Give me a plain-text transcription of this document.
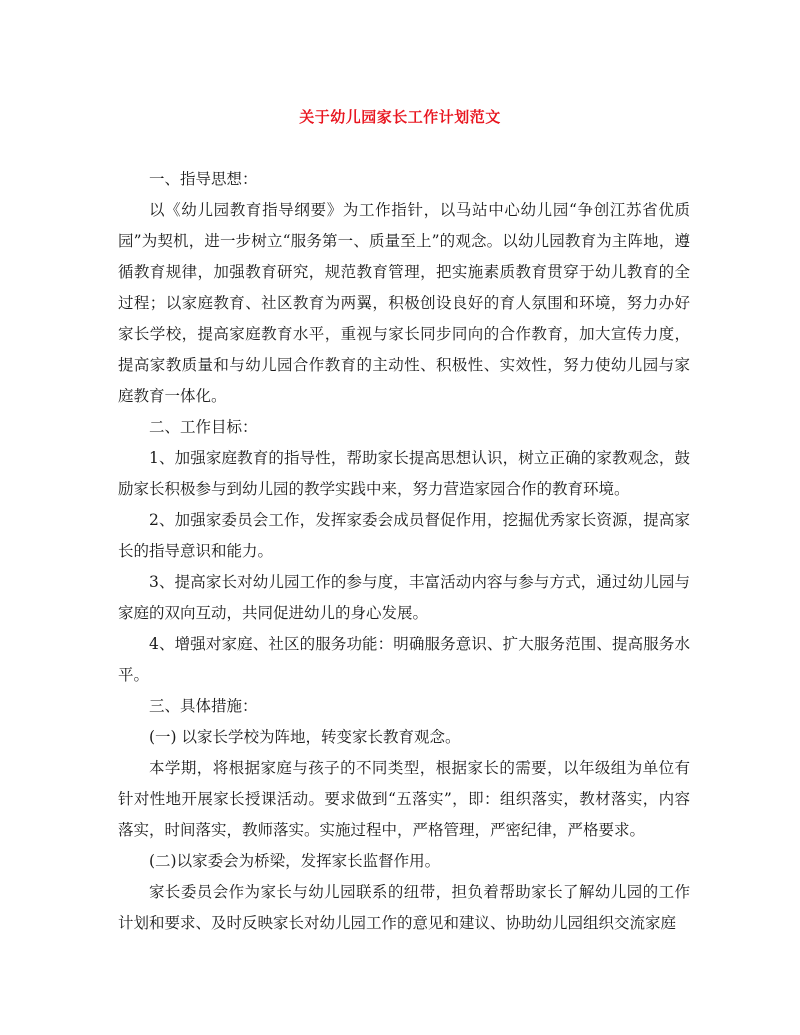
关于幼儿园家长工作计划范文

一、指导思想：

以《幼儿园教育指导纲要》为工作指针，以马站中心幼儿园“争创江苏省优质园”为契机，进一步树立“服务第一、质量至上”的观念。以幼儿园教育为主阵地，遵循教育规律，加强教育研究，规范教育管理，把实施素质教育贯穿于幼儿教育的全过程；以家庭教育、社区教育为两翼，积极创设良好的育人氛围和环境，努力办好家长学校，提高家庭教育水平，重视与家长同步同向的合作教育，加大宣传力度，提高家教质量和与幼儿园合作教育的主动性、积极性、实效性，努力使幼儿园与家庭教育一体化。

二、工作目标：

1、加强家庭教育的指导性，帮助家长提高思想认识，树立正确的家教观念，鼓励家长积极参与到幼儿园的教学实践中来，努力营造家园合作的教育环境。

2、加强家委员会工作，发挥家委会成员督促作用，挖掘优秀家长资源，提高家长的指导意识和能力。

3、提高家长对幼儿园工作的参与度，丰富活动内容与参与方式，通过幼儿园与家庭的双向互动，共同促进幼儿的身心发展。

4、增强对家庭、社区的服务功能：明确服务意识、扩大服务范围、提高服务水平。

三、具体措施：

(一) 以家长学校为阵地，转变家长教育观念。

本学期，将根据家庭与孩子的不同类型，根据家长的需要，以年级组为单位有针对性地开展家长授课活动。要求做到“五落实”，即：组织落实，教材落实，内容落实，时间落实，教师落实。实施过程中，严格管理，严密纪律，严格要求。

(二)以家委会为桥梁，发挥家长监督作用。

家长委员会作为家长与幼儿园联系的纽带，担负着帮助家长了解幼儿园的工作计划和要求、及时反映家长对幼儿园工作的意见和建议、协助幼儿园组织交流家庭
